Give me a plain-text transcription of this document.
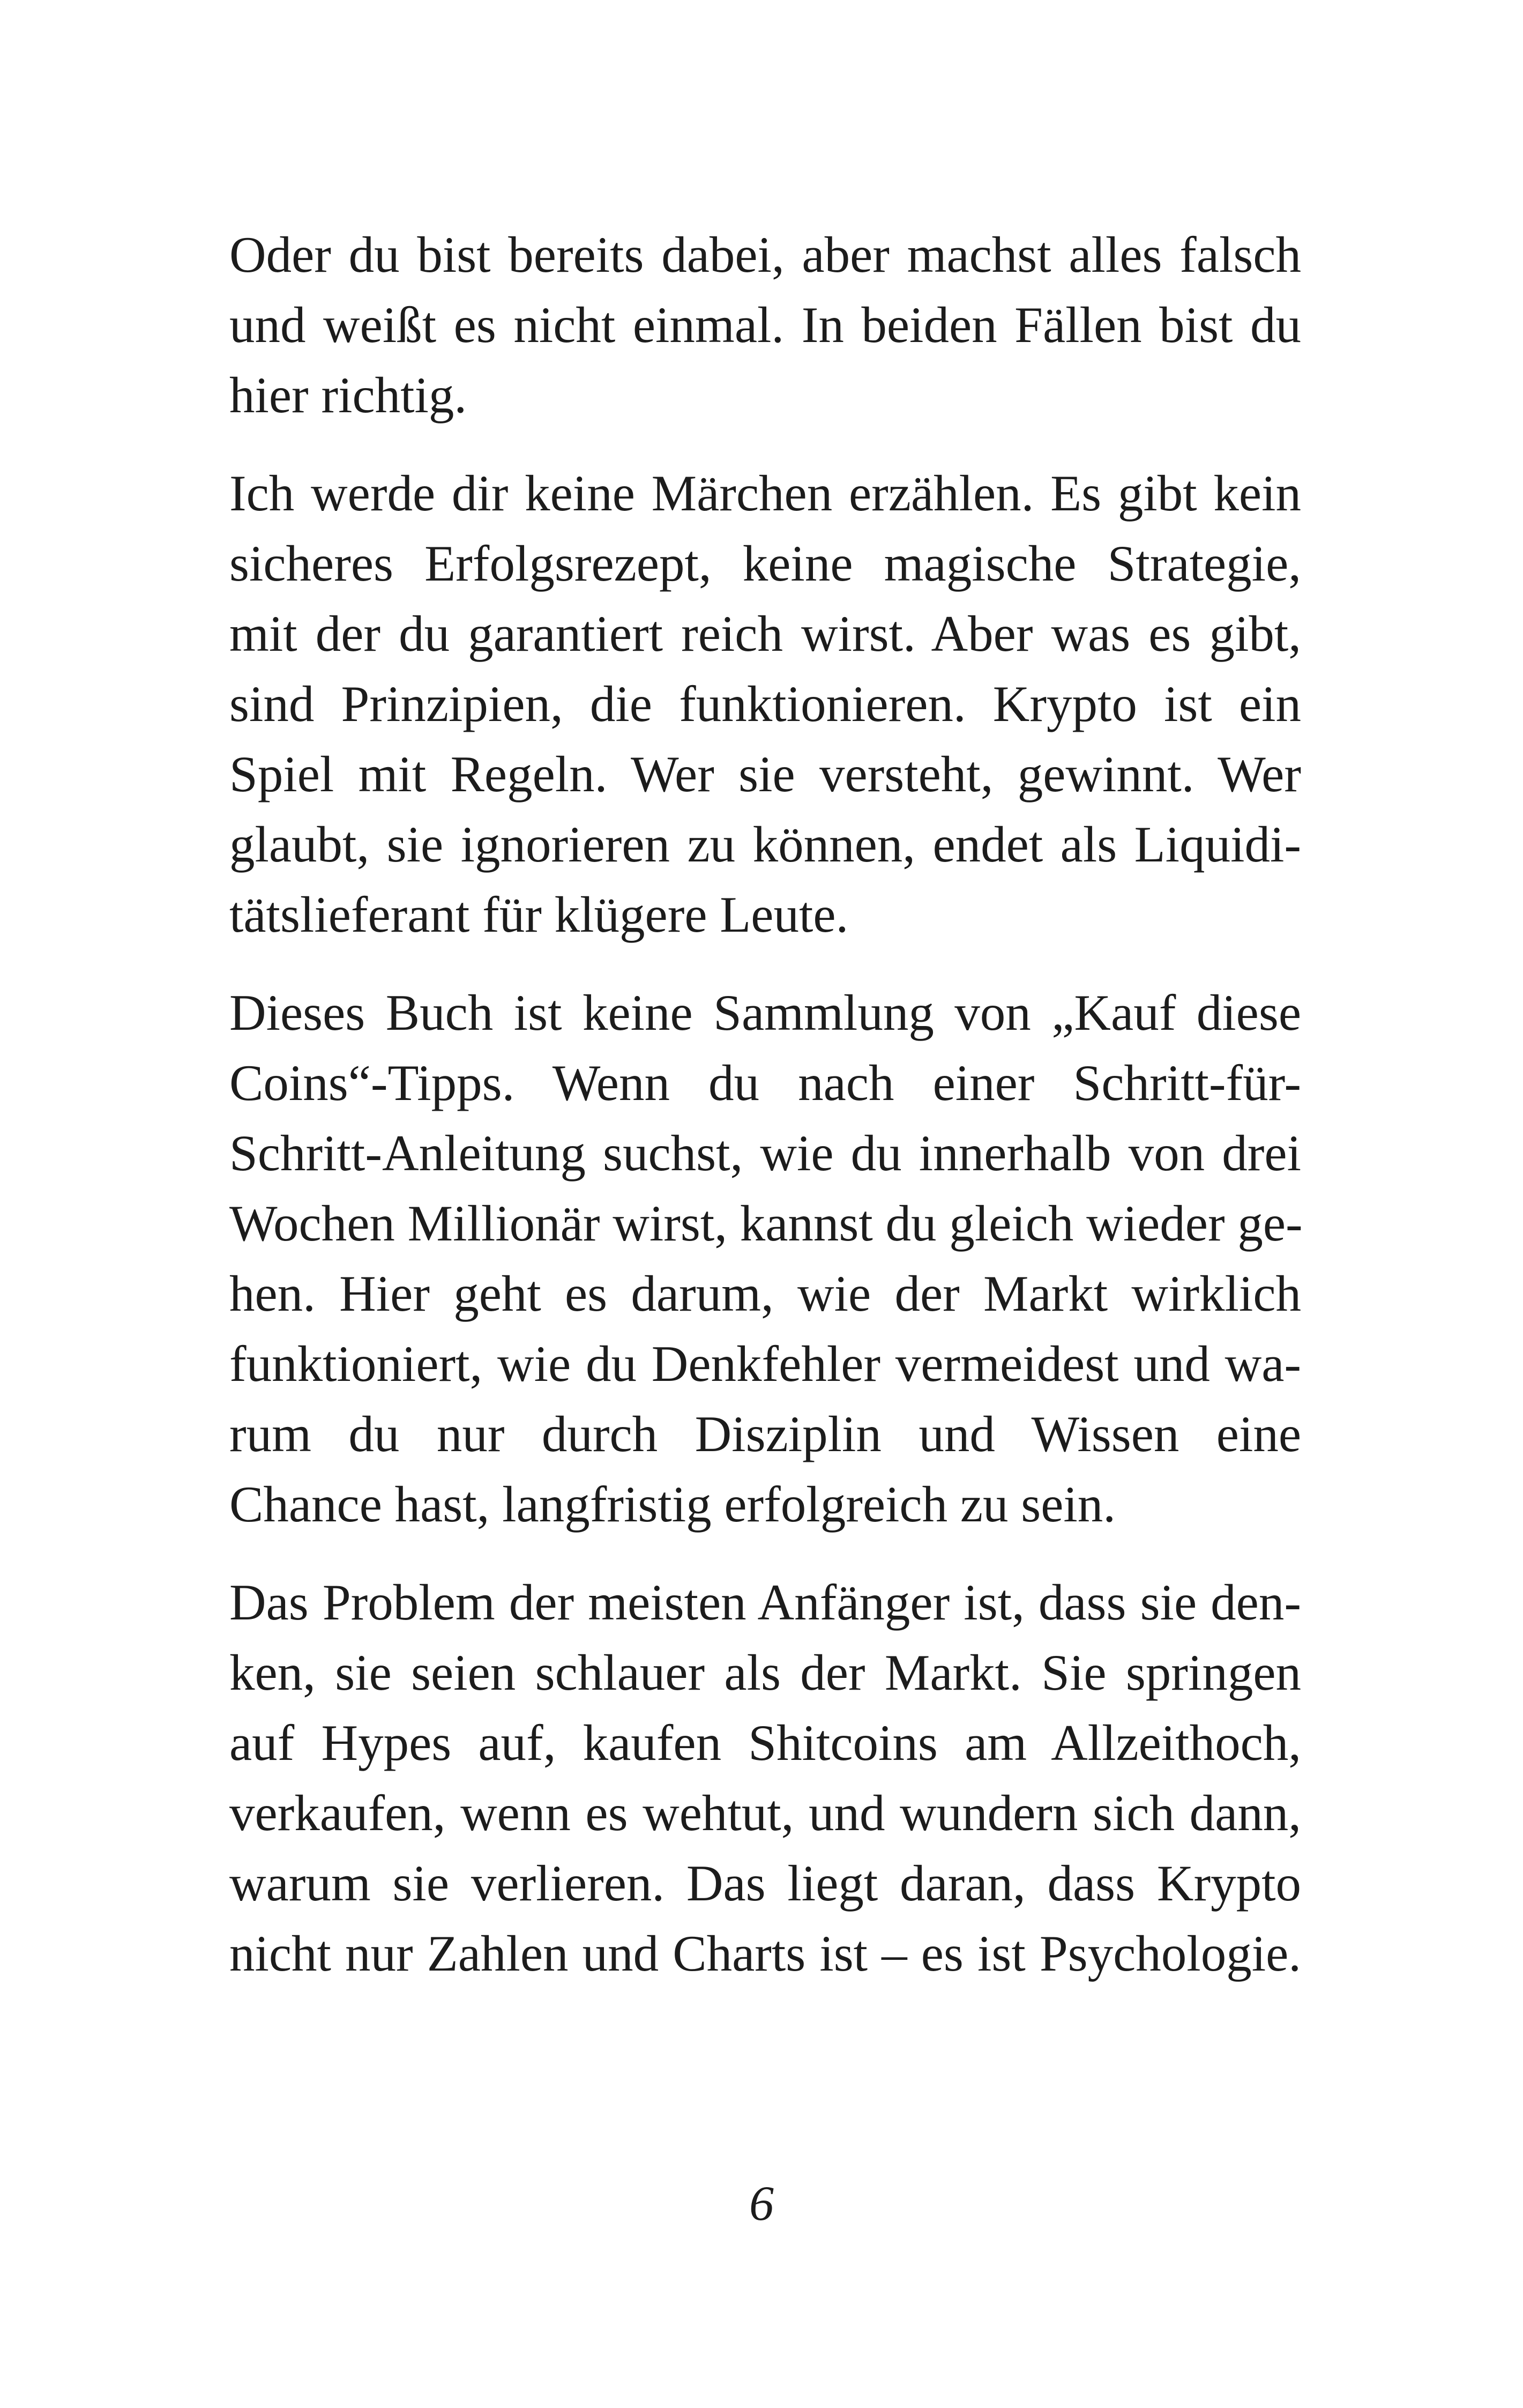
Oder du bist bereits dabei, aber machst alles falsch
und weißt es nicht einmal. In beiden Fällen bist du
hier richtig.

Ich werde dir keine Märchen erzählen. Es gibt kein
sicheres Erfolgsrezept, keine magische Strategie,
mit der du garantiert reich wirst. Aber was es gibt,
sind Prinzipien, die funktionieren. Krypto ist ein
Spiel mit Regeln. Wer sie versteht, gewinnt. Wer
glaubt, sie ignorieren zu können, endet als Liquidi-
tätslieferant für klügere Leute.

Dieses Buch ist keine Sammlung von „Kauf diese
Coins“-Tipps. Wenn du nach einer Schritt-für-
Schritt-Anleitung suchst, wie du innerhalb von drei
Wochen Millionär wirst, kannst du gleich wieder ge-
hen. Hier geht es darum, wie der Markt wirklich
funktioniert, wie du Denkfehler vermeidest und wa-
rum du nur durch Disziplin und Wissen eine
Chance hast, langfristig erfolgreich zu sein.

Das Problem der meisten Anfänger ist, dass sie den-
ken, sie seien schlauer als der Markt. Sie springen
auf Hypes auf, kaufen Shitcoins am Allzeithoch,
verkaufen, wenn es wehtut, und wundern sich dann,
warum sie verlieren. Das liegt daran, dass Krypto
nicht nur Zahlen und Charts ist – es ist Psychologie.

6
